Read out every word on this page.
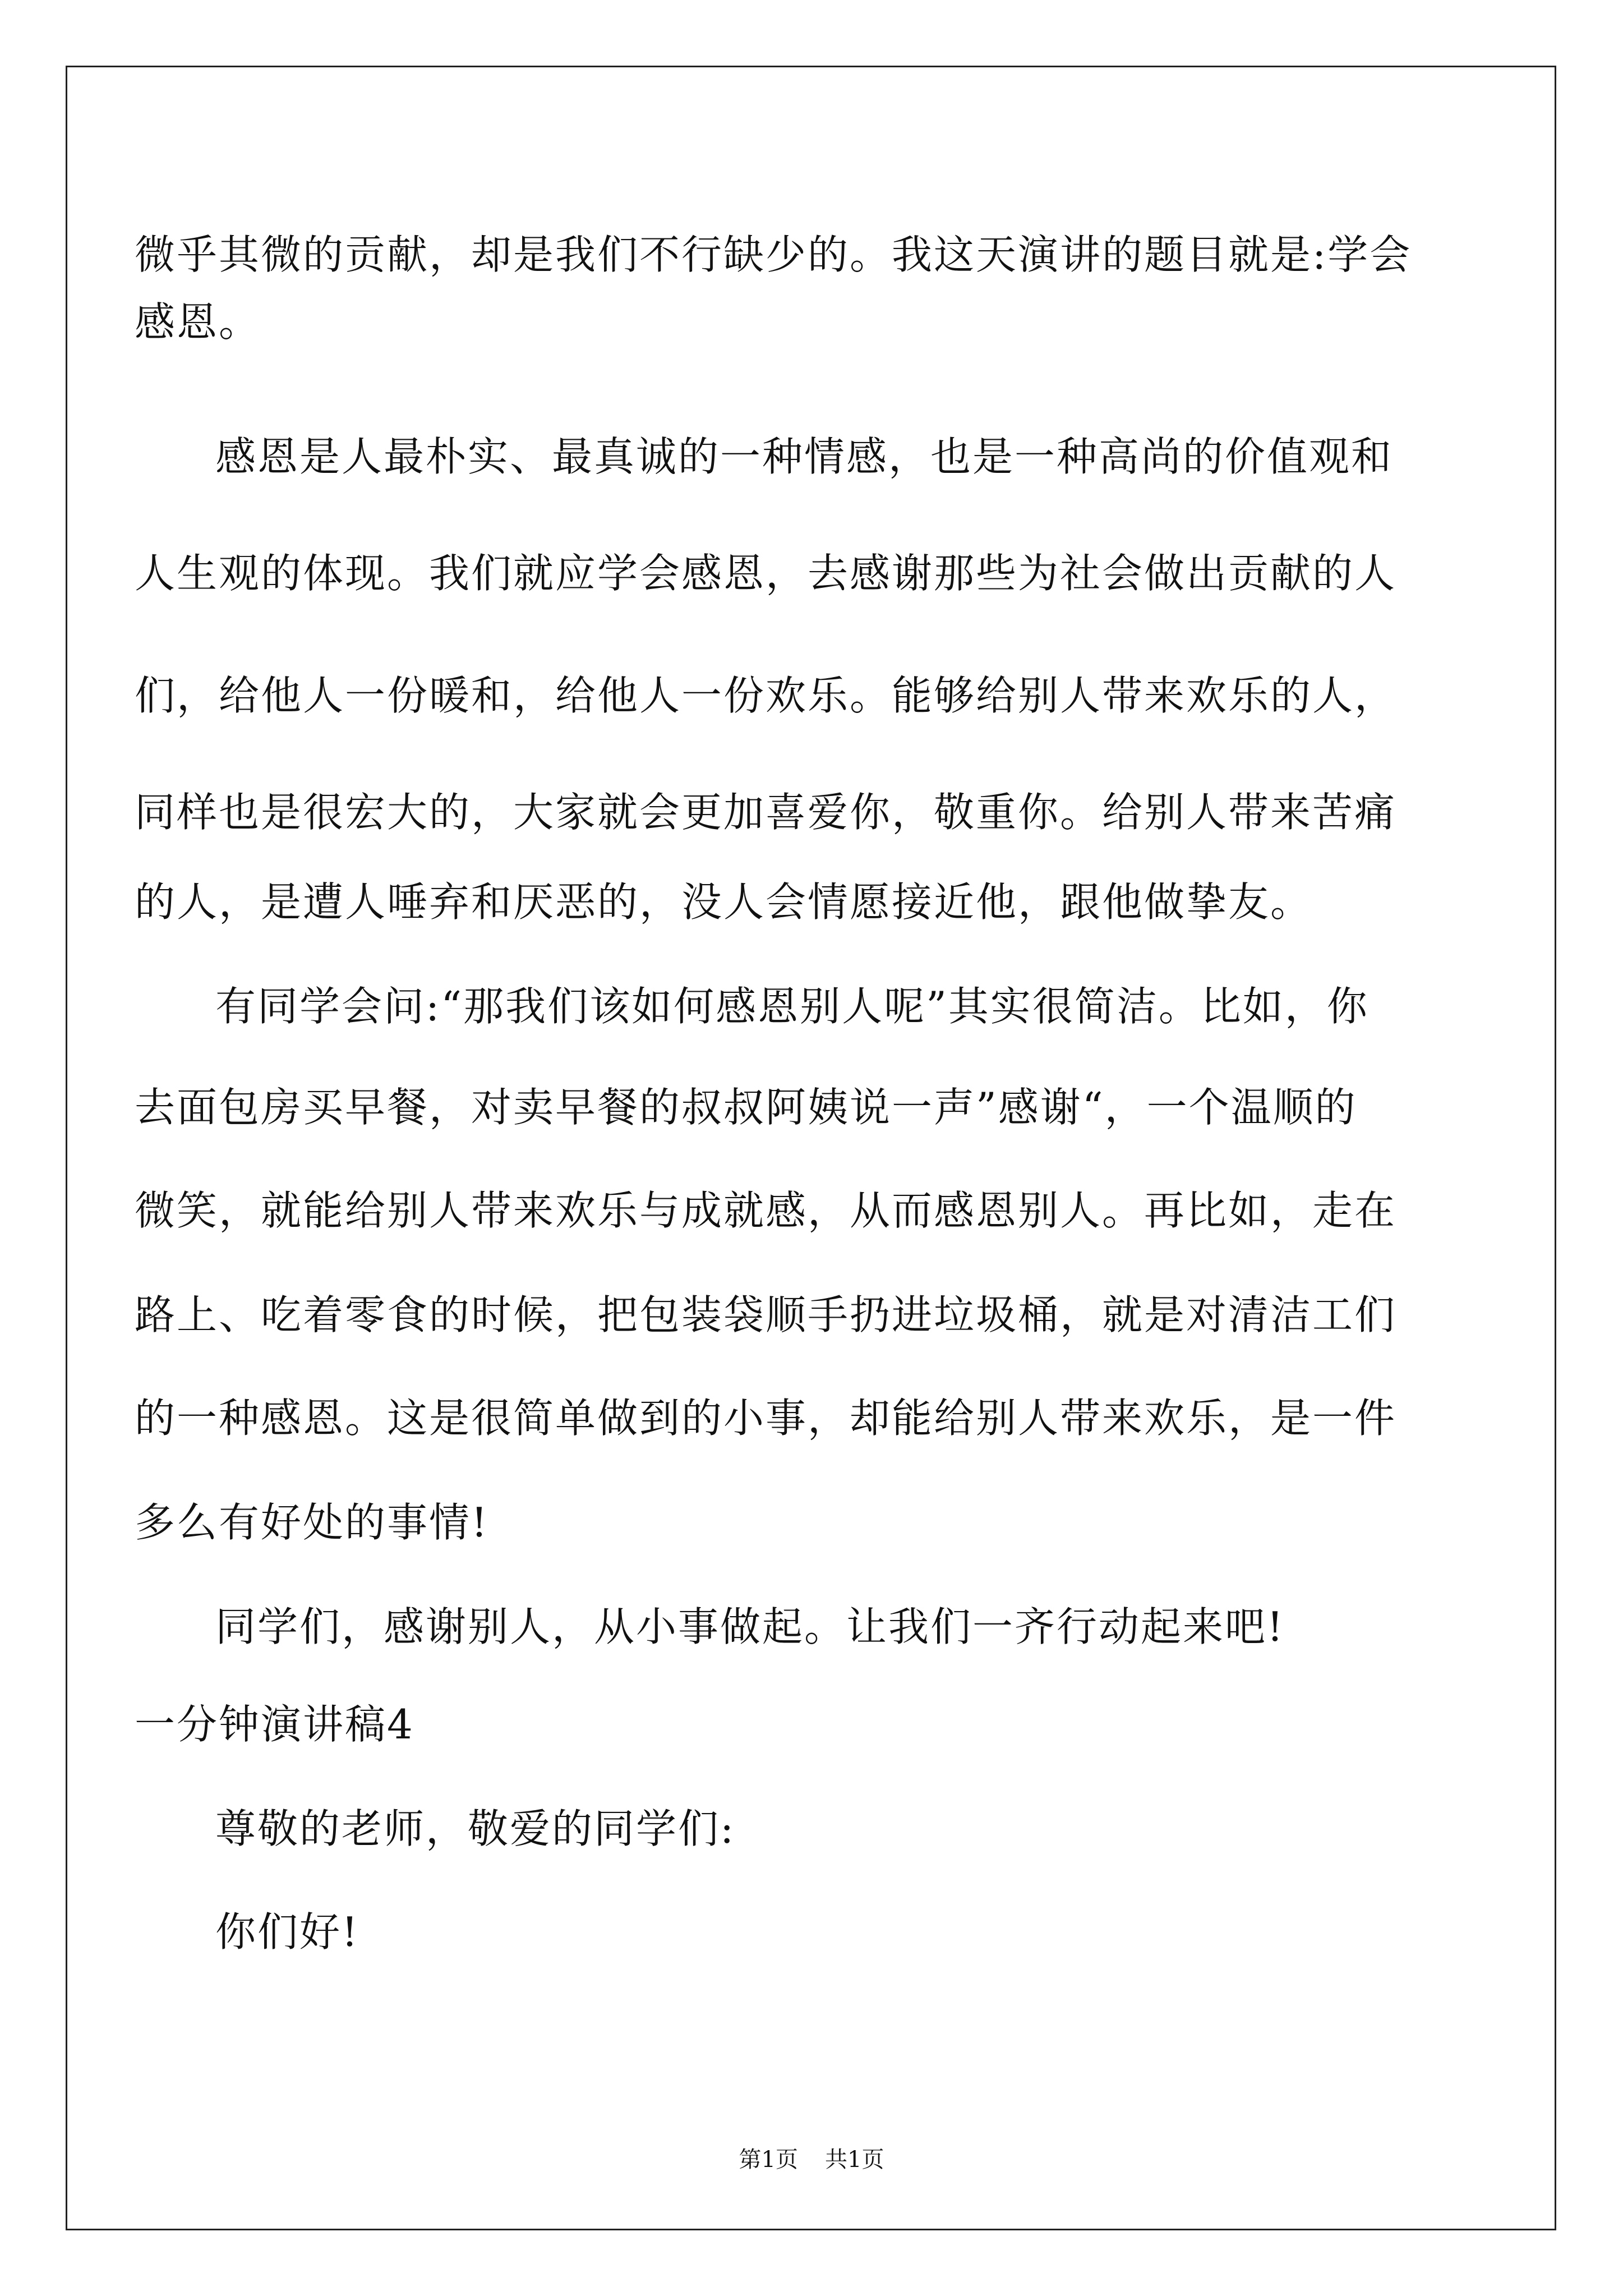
微乎其微的贡献，却是我们不行缺少的。我这天演讲的题目就是:学会
感恩。
感恩是人最朴实、最真诚的一种情感，也是一种高尚的价值观和
人生观的体现。我们就应学会感恩，去感谢那些为社会做出贡献的人
们，给他人一份暖和，给他人一份欢乐。能够给别人带来欢乐的人，
同样也是很宏大的，大家就会更加喜爱你，敬重你。给别人带来苦痛
的人，是遭人唾弃和厌恶的，没人会情愿接近他，跟他做挚友。
有同学会问:“那我们该如何感恩别人呢”其实很简洁。比如，你
去面包房买早餐，对卖早餐的叔叔阿姨说一声”感谢“，一个温顺的
微笑，就能给别人带来欢乐与成就感，从而感恩别人。再比如，走在
路上、吃着零食的时候，把包装袋顺手扔进垃圾桶，就是对清洁工们
的一种感恩。这是很简单做到的小事，却能给别人带来欢乐，是一件
多么有好处的事情!
同学们，感谢别人，从小事做起。让我们一齐行动起来吧!
一分钟演讲稿4
尊敬的老师，敬爱的同学们:
你们好!
第1页 共1页
